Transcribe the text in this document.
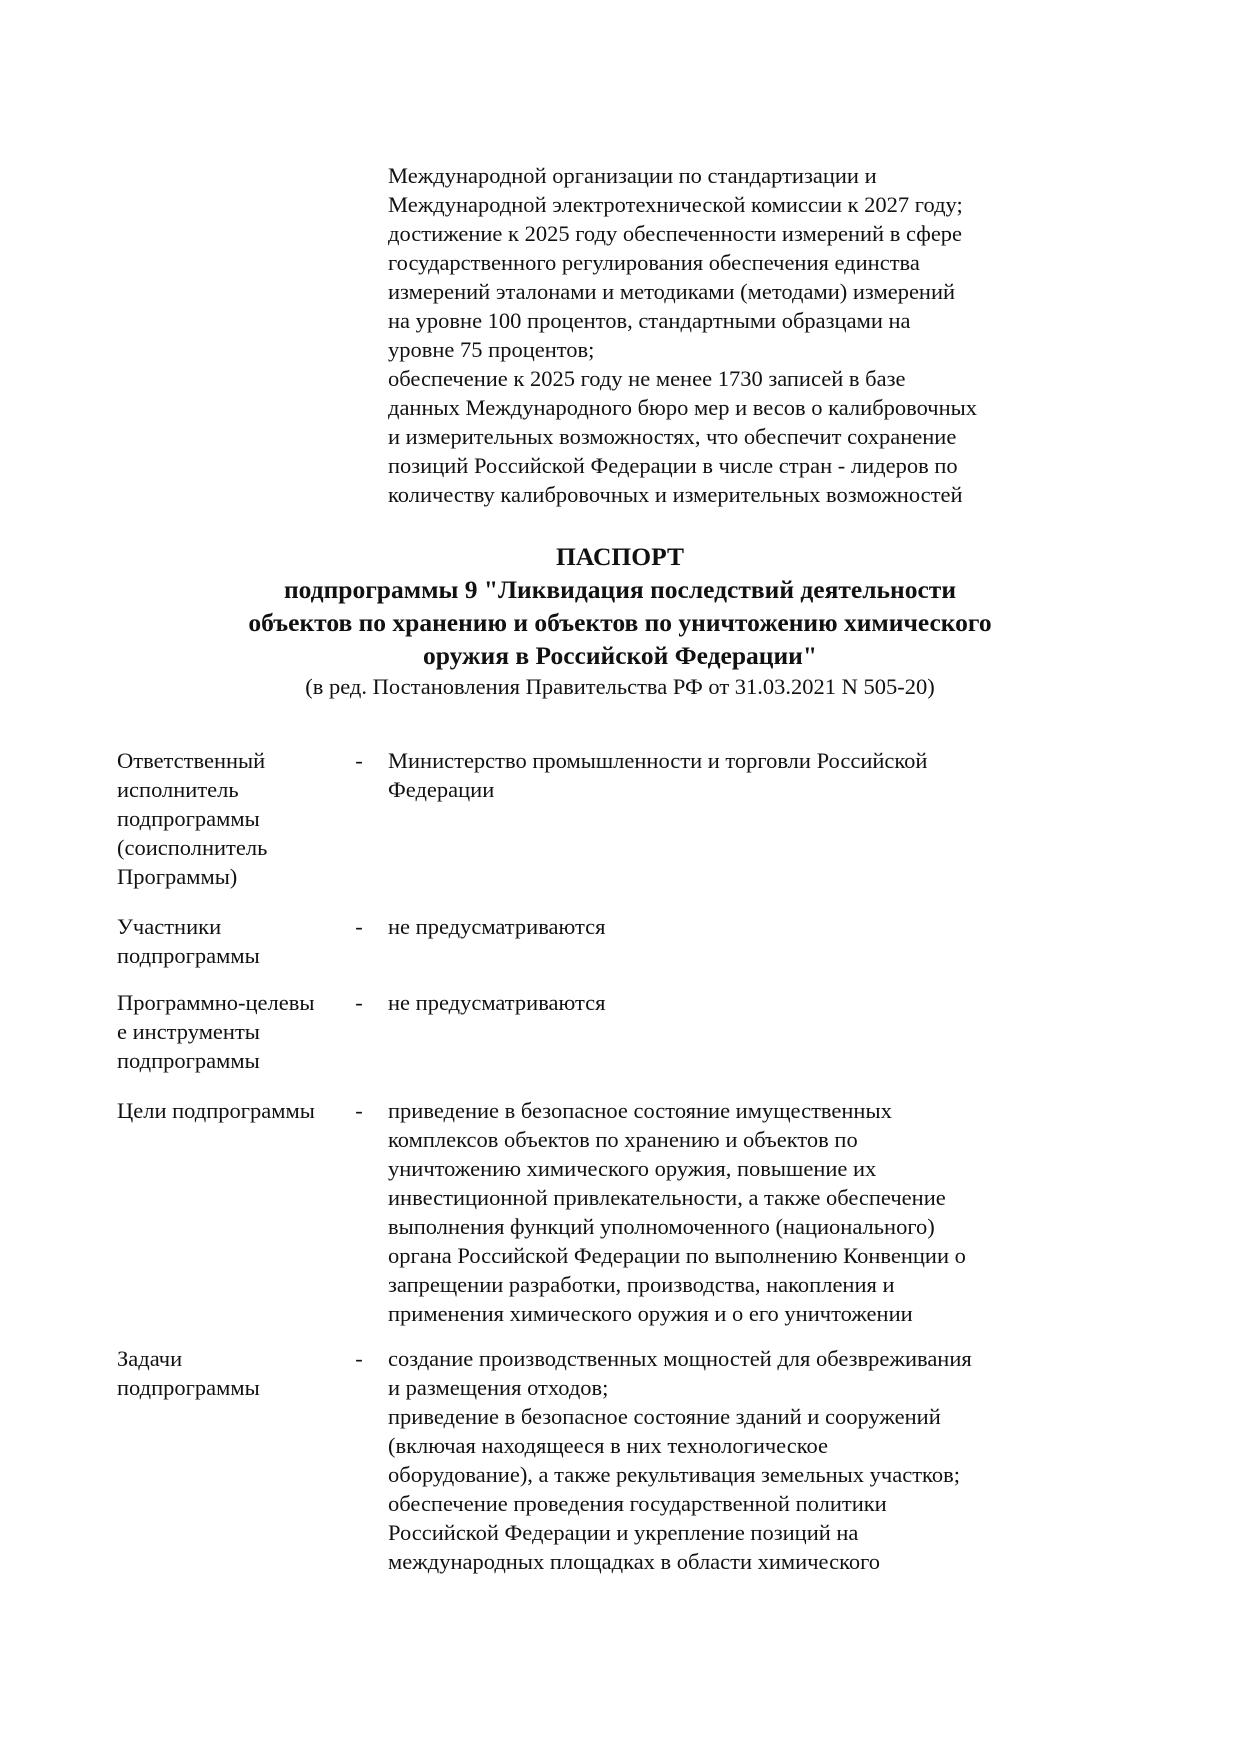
Международной организации по стандартизации и
Международной электротехнической комиссии к 2027 году;
достижение к 2025 году обеспеченности измерений в сфере
государственного регулирования обеспечения единства
измерений эталонами и методиками (методами) измерений
на уровне 100 процентов, стандартными образцами на
уровне 75 процентов;
обеспечение к 2025 году не менее 1730 записей в базе
данных Международного бюро мер и весов о калибровочных
и измерительных возможностях, что обеспечит сохранение
позиций Российской Федерации в числе стран - лидеров по
количеству калибровочных и измерительных возможностей
ПАСПОРТ
подпрограммы 9 "Ликвидация последствий деятельности
объектов по хранению и объектов по уничтожению химического
оружия в Российской Федерации"
(в ред. Постановления Правительства РФ от 31.03.2021 N 505-20)
Ответственный
исполнитель
подпрограммы
(соисполнитель
Программы)
- Министерство промышленности и торговли Российской
Федерации
Участники
подпрограммы
- не предусматриваются
Программно-целевы
е инструменты
подпрограммы
- не предусматриваются
Цели подпрограммы	- приведение в безопасное состояние имущественных
комплексов объектов по хранению и объектов по
уничтожению химического оружия, повышение их
инвестиционной привлекательности, а также обеспечение
выполнения функций уполномоченного (национального)
органа Российской Федерации по выполнению Конвенции о
запрещении разработки, производства, накопления и
применения химического оружия и о его уничтожении
Задачи
подпрограммы
- создание производственных мощностей для обезвреживания
и размещения отходов;
приведение в безопасное состояние зданий и сооружений
(включая находящееся в них технологическое
оборудование), а также рекультивация земельных участков;
обеспечение проведения государственной политики
Российской Федерации и укрепление позиций на
международных площадках в области химического
